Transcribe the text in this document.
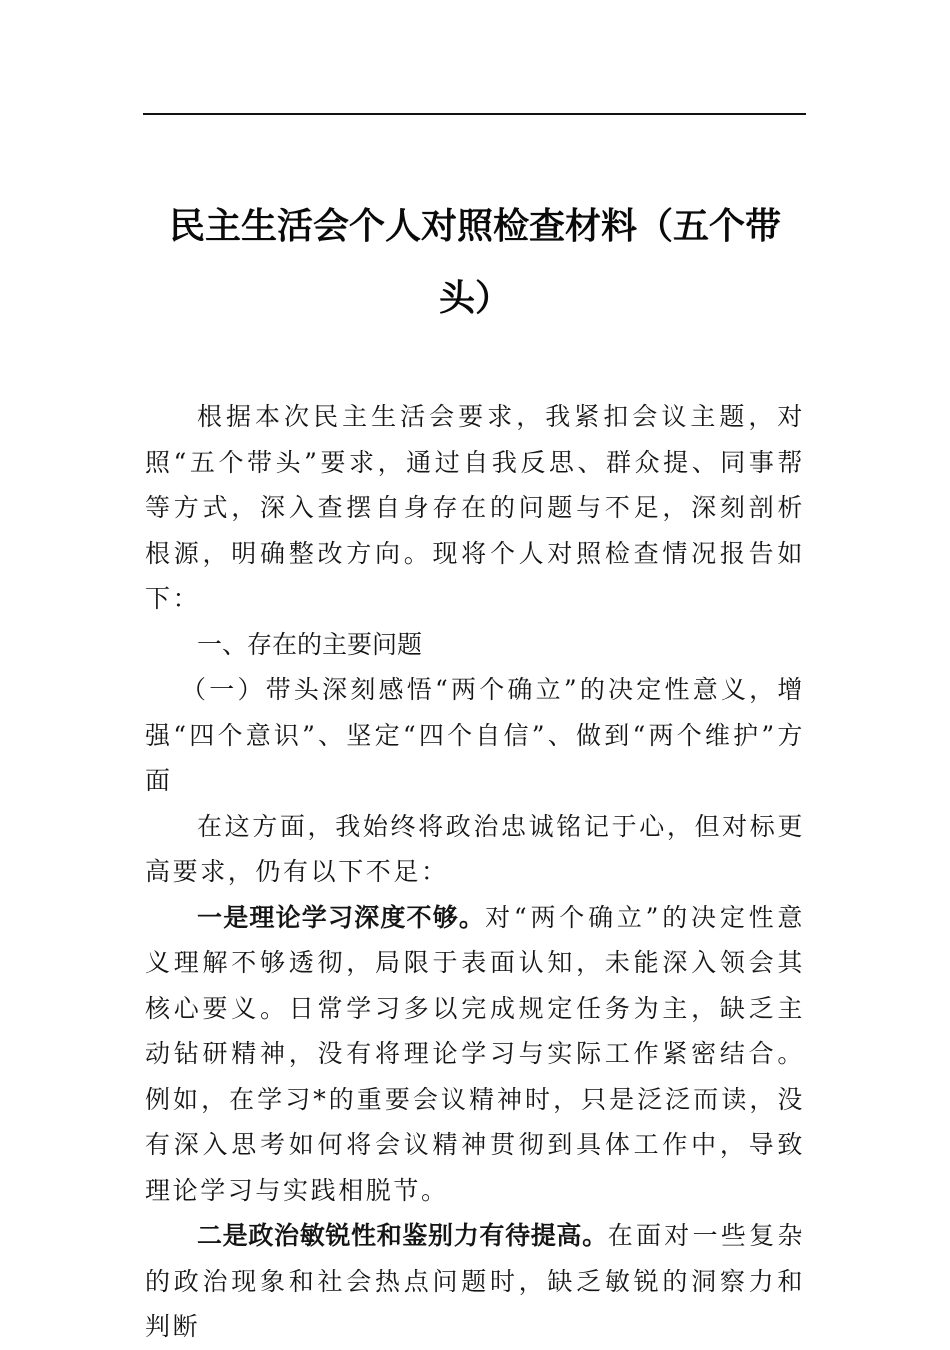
民主生活会个人对照检查材料（五个带
头）

根据本次民主生活会要求，我紧扣会议主题，对照“五个带头”要求，通过自我反思、群众提、同事帮等方式，深入查摆自身存在的问题与不足，深刻剖析根源，明确整改方向。现将个人对照检查情况报告如下：

一、存在的主要问题

（一）带头深刻感悟“两个确立”的决定性意义，增强“四个意识”、坚定“四个自信”、做到“两个维护”方面

在这方面，我始终将政治忠诚铭记于心，但对标更高要求，仍有以下不足：

一是理论学习深度不够。对“两个确立”的决定性意义理解不够透彻，局限于表面认知，未能深入领会其核心要义。日常学习多以完成规定任务为主，缺乏主动钻研精神，没有将理论学习与实际工作紧密结合。例如，在学习*的重要会议精神时，只是泛泛而读，没有深入思考如何将会议精神贯彻到具体工作中，导致理论学习与实践相脱节。

二是政治敏锐性和鉴别力有待提高。在面对一些复杂的政治现象和社会热点问题时，缺乏敏锐的洞察力和判断
